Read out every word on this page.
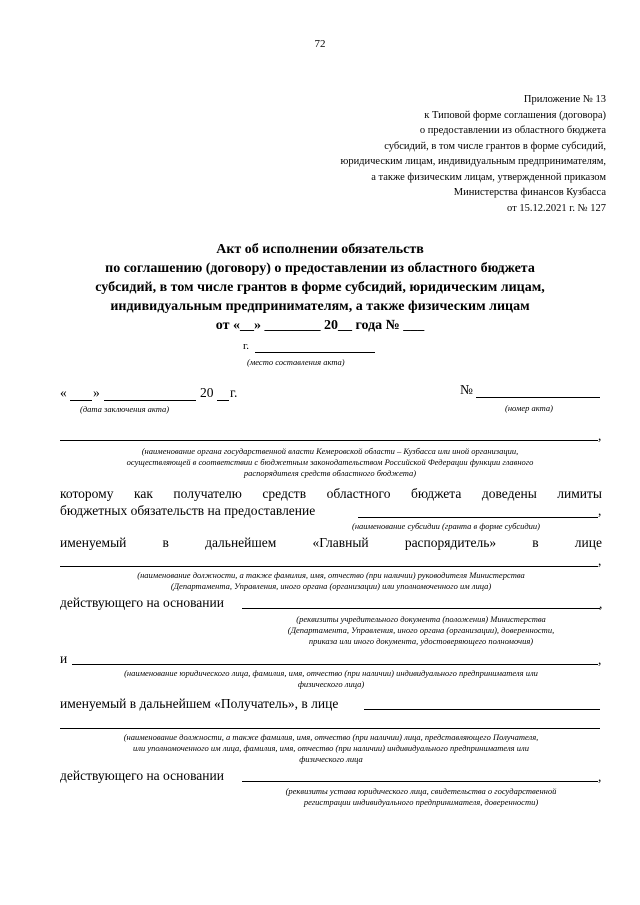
72
Приложение № 13
к Типовой форме соглашения (договора)
о предоставлении из областного бюджета
субсидий, в том числе грантов в форме субсидий,
юридическим лицам, индивидуальным предпринимателям,
а также физическим лицам, утвержденной приказом
Министерства финансов Кузбасса
от 15.12.2021 г. № 127
Акт об исполнении обязательств
по соглашению (договору) о предоставлении из областного бюджета
субсидий, в том числе грантов в форме субсидий, юридическим лицам,
индивидуальным предпринимателям, а также физическим лицам
от «__» ________ 20__ года № ___
г.
(место составления акта)
« »	20 г.
(дата заключения акта)
№
(номер акта)
,
(наименование органа государственной власти Кемеровской области – Кузбасса или иной организации,
осуществляющей в соответствии с бюджетным законодательством Российской Федерации функции главного
распорядителя средств областного бюджета)
которому как получателю средств областного бюджета доведены лимиты
бюджетных обязательств на предоставление	,
(наименование субсидии (гранта в форме субсидии)
именуемый	в	дальнейшем	«Главный	распорядитель»	в	лице
,
(наименование должности, а также фамилия, имя, отчество (при наличии) руководителя Министерства
(Департамента, Управления, иного органа (организации) или уполномоченного им лица)
действующего на основании	,
(реквизиты учредительного документа (положения) Министерства
(Департамента, Управления, иного органа (организации), доверенности,
приказа или иного документа, удостоверяющего полномочия)
и	,
(наименование юридического лица, фамилия, имя, отчество (при наличии) индивидуального предпринимателя или
физического лица)
именуемый в дальнейшем «Получатель», в лице
(наименование должности, а также фамилия, имя, отчество (при наличии) лица, представляющего Получателя,
или уполномоченного им лица, фамилия, имя, отчество (при наличии) индивидуального предпринимателя или
физического лица
действующего на основании	,
(реквизиты устава юридического лица, свидетельства о государственной
регистрации индивидуального предпринимателя, доверенности)
